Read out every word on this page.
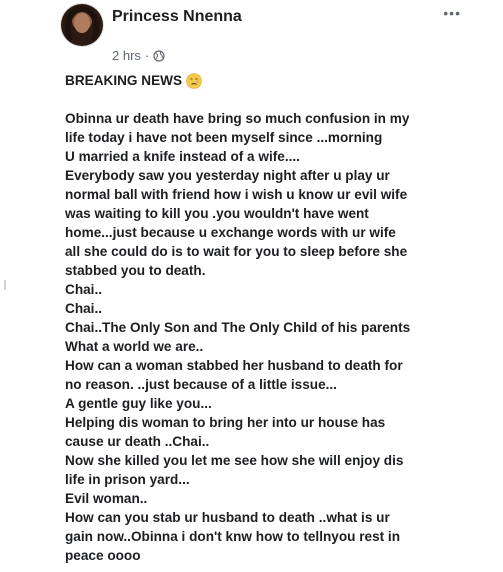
Princess Nnenna	•••
2 hrs ·
BREAKING NEWS
Obinna ur death have bring so much confusion in my
life today i have not been myself since ...morning
U married a knife instead of a wife....
Everybody saw you yesterday night after u play ur
normal ball with friend how i wish u know ur evil wife
was waiting to kill you .you wouldn't have went
home...just because u exchange words with ur wife
all she could do is to wait for you to sleep before she
stabbed you to death.
Chai..
Chai..
Chai..The Only Son and The Only Child of his parents
What a world we are..
How can a woman stabbed her husband to death for
no reason. ..just because of a little issue...
A gentle guy like you...
Helping dis woman to bring her into ur house has
cause ur death ..Chai..
Now she killed you let me see how she will enjoy dis
life in prison yard...
Evil woman..
How can you stab ur husband to death ..what is ur
gain now..Obinna i don't knw how to tellnyou rest in
peace oooo
